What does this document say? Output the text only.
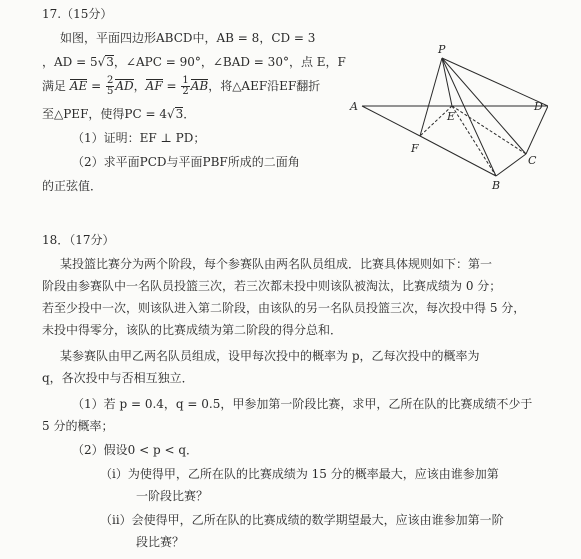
17.（15分）
如图，平面四边形ABCD中，AB = 8，CD = 3
，AD = 5√3，∠APC = 90°，∠BAD = 30°，点 E，F
满足 AE = $\frac{2}{5}$ AD，AF = $\frac{1}{2}$ AB，将△AEF沿EF翻折
至△PEF，使得PC = 4√3．
（1）证明：EF ⊥ PD；
（2）求平面PCD与平面PBF所成的二面角
的正弦值．
P
A	D
E
F
B
C
18．（17分）
某投篮比赛分为两个阶段，每个参赛队由两名队员组成．比赛具体规则如下：第一
阶段由参赛队中一名队员投篮三次，若三次都未投中则该队被淘汰，比赛成绩为 0 分；
若至少投中一次，则该队进入第二阶段，由该队的另一名队员投篮三次，每次投中得 5 分，
未投中得零分，该队的比赛成绩为第二阶段的得分总和．
某参赛队由甲乙两名队员组成，设甲每次投中的概率为 p，乙每次投中的概率为
q，各次投中与否相互独立．
（1）若 p = 0.4，q = 0.5，甲参加第一阶段比赛，求甲，乙所在队的比赛成绩不少于
5 分的概率；
（2）假设0 < p < q．
（ⅰ）为使得甲，乙所在队的比赛成绩为 15 分的概率最大，应该由谁参加第
一阶段比赛？
（ⅱ）会使得甲，乙所在队的比赛成绩的数学期望最大，应该由谁参加第一阶
段比赛？
